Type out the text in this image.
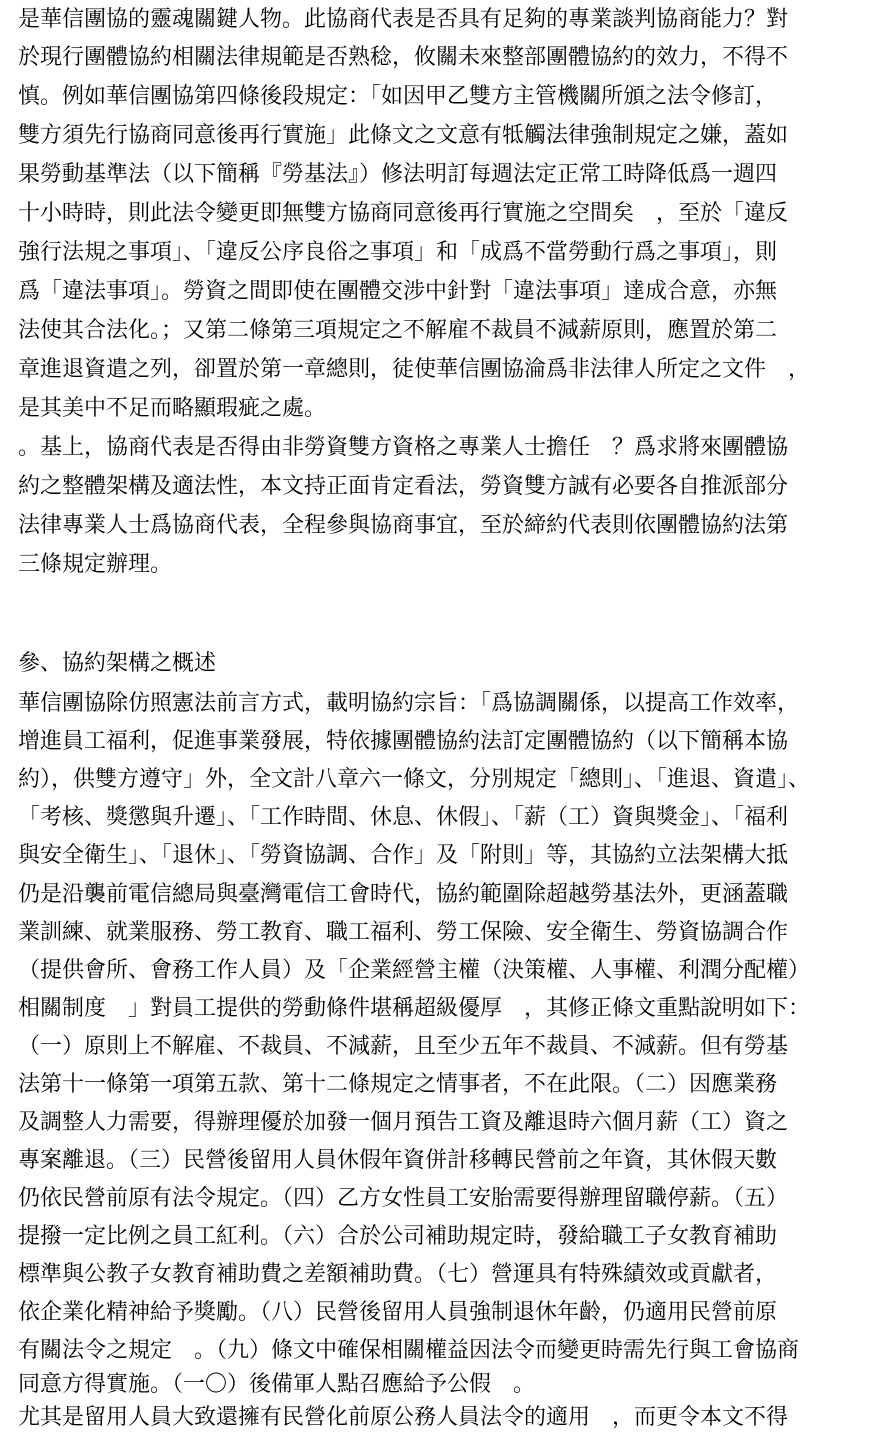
是華信團協的靈魂關鍵人物。此協商代表是否具有足夠的專業談判協商能力？對
於現行團體協約相關法律規範是否熟稔，攸關未來整部團體協約的效力，不得不
慎。例如華信團協第四條後段規定：「如因甲乙雙方主管機關所頒之法令修訂，
雙方須先行協商同意後再行實施」此條文之文意有牴觸法律強制規定之嫌，蓋如
果勞動基準法（以下簡稱『勞基法』）修法明訂每週法定正常工時降低爲一週四
十小時時，則此法令變更即無雙方協商同意後再行實施之空間矣　，至於「違反
強行法規之事項」、「違反公序良俗之事項」和「成爲不當勞動行爲之事項」，則
爲「違法事項」。勞資之間即使在團體交涉中針對「違法事項」達成合意，亦無
法使其合法化。；又第二條第三項規定之不解雇不裁員不減薪原則，應置於第二
章進退資遣之列，卻置於第一章總則，徒使華信團協淪爲非法律人所定之文件　，
是其美中不足而略顯瑕疵之處。
。基上，協商代表是否得由非勞資雙方資格之專業人士擔任　？爲求將來團體協
約之整體架構及適法性，本文持正面肯定看法，勞資雙方誠有必要各自推派部分
法律專業人士爲協商代表，全程參與協商事宜，至於締約代表則依團體協約法第
三條規定辦理。
參、協約架構之概述
華信團協除仿照憲法前言方式，載明協約宗旨：「爲協調關係，以提高工作效率，
增進員工福利，促進事業發展，特依據團體協約法訂定團體協約（以下簡稱本協
約），供雙方遵守」外，全文計八章六一條文，分別規定「總則」、「進退、資遣」、
「考核、獎懲與升遷」、「工作時間、休息、休假」、「薪（工）資與獎金」、「福利
與安全衛生」、「退休」、「勞資協調、合作」及「附則」等，其協約立法架構大抵
仍是沿襲前電信總局與臺灣電信工會時代，協約範圍除超越勞基法外，更涵蓋職
業訓練、就業服務、勞工教育、職工福利、勞工保險、安全衛生、勞資協調合作
（提供會所、會務工作人員）及「企業經營主權（決策權、人事權、利潤分配權）
相關制度　」對員工提供的勞動條件堪稱超級優厚　，其修正條文重點說明如下：
（一）原則上不解雇、不裁員、不減薪，且至少五年不裁員、不減薪。但有勞基
法第十一條第一項第五款、第十二條規定之情事者，不在此限。（二）因應業務
及調整人力需要，得辦理優於加發一個月預告工資及離退時六個月薪（工）資之
專案離退。（三）民營後留用人員休假年資併計移轉民營前之年資，其休假天數
仍依民營前原有法令規定。（四）乙方女性員工安胎需要得辦理留職停薪。（五）
提撥一定比例之員工紅利。（六）合於公司補助規定時，發給職工子女教育補助
標準與公教子女教育補助費之差額補助費。（七）營運具有特殊績效或貢獻者，
依企業化精神給予獎勵。（八）民營後留用人員強制退休年齡，仍適用民營前原
有關法令之規定　。（九）條文中確保相關權益因法令而變更時需先行與工會協商
同意方得實施。（一〇）後備軍人點召應給予公假　。
尤其是留用人員大致還擁有民營化前原公務人員法令的適用　，而更令本文不得
